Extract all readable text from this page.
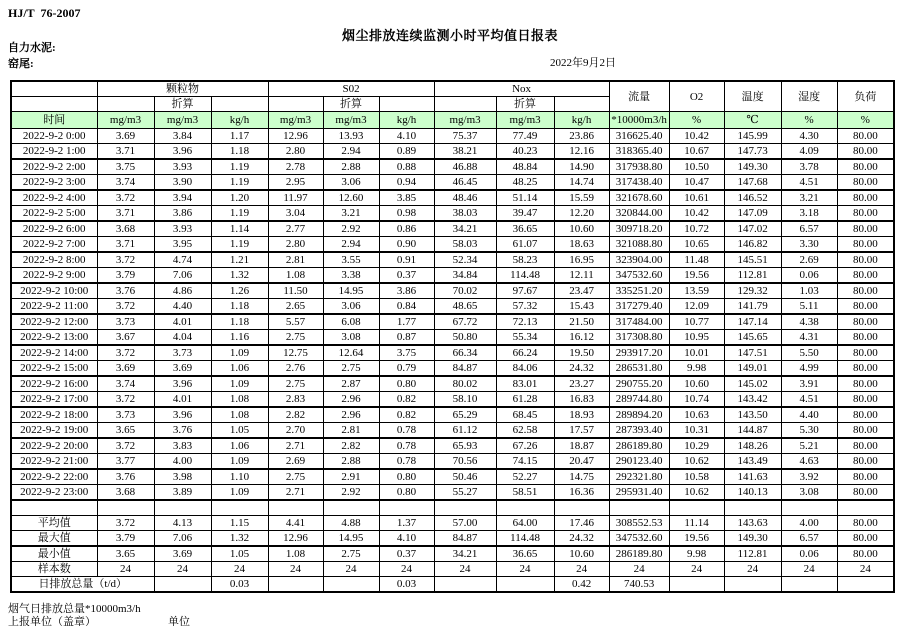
HJ/T  76-2007
烟尘排放连续监测小时平均值日报表
自力水泥:
窑尾:	2022年9月2日
	颗粒物			S02			Nox			流量	O2	温度	湿度	负荷
		折算			折算			折算						
时间	mg/m3	mg/m3	kg/h	mg/m3	mg/m3	kg/h	mg/m3	mg/m3	kg/h	*10000m3/h	%	℃	%	%
2022-9-2 0:00	3.69	3.84	1.17	12.96	13.93	4.10	75.37	77.49	23.86	316625.40	10.42	145.99	4.30	80.00
2022-9-2 1:00	3.71	3.96	1.18	2.80	2.94	0.89	38.21	40.23	12.16	318365.40	10.67	147.73	4.09	80.00
2022-9-2 2:00	3.75	3.93	1.19	2.78	2.88	0.88	46.88	48.84	14.90	317938.80	10.50	149.30	3.78	80.00
2022-9-2 3:00	3.74	3.90	1.19	2.95	3.06	0.94	46.45	48.25	14.74	317438.40	10.47	147.68	4.51	80.00
2022-9-2 4:00	3.72	3.94	1.20	11.97	12.60	3.85	48.46	51.14	15.59	321678.60	10.61	146.52	3.21	80.00
2022-9-2 5:00	3.71	3.86	1.19	3.04	3.21	0.98	38.03	39.47	12.20	320844.00	10.42	147.09	3.18	80.00
2022-9-2 6:00	3.68	3.93	1.14	2.77	2.92	0.86	34.21	36.65	10.60	309718.20	10.72	147.02	6.57	80.00
2022-9-2 7:00	3.71	3.95	1.19	2.80	2.94	0.90	58.03	61.07	18.63	321088.80	10.65	146.82	3.30	80.00
2022-9-2 8:00	3.72	4.74	1.21	2.81	3.55	0.91	52.34	58.23	16.95	323904.00	11.48	145.51	2.69	80.00
2022-9-2 9:00	3.79	7.06	1.32	1.08	3.38	0.37	34.84	114.48	12.11	347532.60	19.56	112.81	0.06	80.00
2022-9-2 10:00	3.76	4.86	1.26	11.50	14.95	3.86	70.02	97.67	23.47	335251.20	13.59	129.32	1.03	80.00
2022-9-2 11:00	3.72	4.40	1.18	2.65	3.06	0.84	48.65	57.32	15.43	317279.40	12.09	141.79	5.11	80.00
2022-9-2 12:00	3.73	4.01	1.18	5.57	6.08	1.77	67.72	72.13	21.50	317484.00	10.77	147.14	4.38	80.00
2022-9-2 13:00	3.67	4.04	1.16	2.75	3.08	0.87	50.80	55.34	16.12	317308.80	10.95	145.65	4.31	80.00
2022-9-2 14:00	3.72	3.73	1.09	12.75	12.64	3.75	66.34	66.24	19.50	293917.20	10.01	147.51	5.50	80.00
2022-9-2 15:00	3.69	3.69	1.06	2.76	2.75	0.79	84.87	84.06	24.32	286531.80	9.98	149.01	4.99	80.00
2022-9-2 16:00	3.74	3.96	1.09	2.75	2.87	0.80	80.02	83.01	23.27	290755.20	10.60	145.02	3.91	80.00
2022-9-2 17:00	3.72	4.01	1.08	2.83	2.96	0.82	58.10	61.28	16.83	289744.80	10.74	143.42	4.51	80.00
2022-9-2 18:00	3.73	3.96	1.08	2.82	2.96	0.82	65.29	68.45	18.93	289894.20	10.63	143.50	4.40	80.00
2022-9-2 19:00	3.65	3.76	1.05	2.70	2.81	0.78	61.12	62.58	17.57	287393.40	10.31	144.87	5.30	80.00
2022-9-2 20:00	3.72	3.83	1.06	2.71	2.82	0.78	65.93	67.26	18.87	286189.80	10.29	148.26	5.21	80.00
2022-9-2 21:00	3.77	4.00	1.09	2.69	2.88	0.78	70.56	74.15	20.47	290123.40	10.62	143.49	4.63	80.00
2022-9-2 22:00	3.76	3.98	1.10	2.75	2.91	0.80	50.46	52.27	14.75	292321.80	10.58	141.63	3.92	80.00
2022-9-2 23:00	3.68	3.89	1.09	2.71	2.92	0.80	55.27	58.51	16.36	295931.40	10.62	140.13	3.08	80.00

平均值	3.72	4.13	1.15	4.41	4.88	1.37	57.00	64.00	17.46	308552.53	11.14	143.63	4.00	80.00
最大值	3.79	7.06	1.32	12.96	14.95	4.10	84.87	114.48	24.32	347532.60	19.56	149.30	6.57	80.00
最小值	3.65	3.69	1.05	1.08	2.75	0.37	34.21	36.65	10.60	286189.80	9.98	112.81	0.06	80.00
样本数	24	24	24	24	24	24	24	24	24	24	24	24	24	24
日排放总量（t/d）			0.03			0.03			0.42	740.53				
烟气日排放总量*10000m3/h
上报单位（盖章）	单位
